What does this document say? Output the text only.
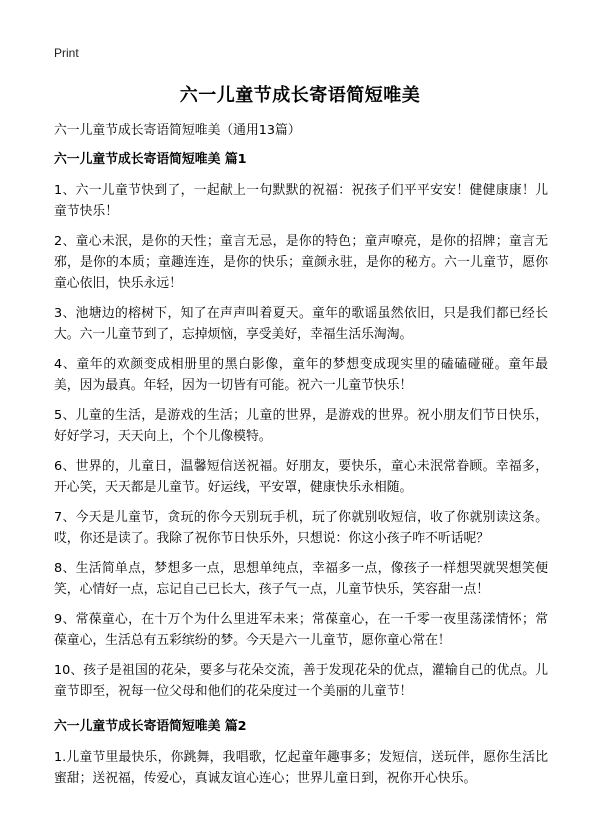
Print
六一儿童节成长寄语简短唯美

六一儿童节成长寄语简短唯美（通用13篇）

六一儿童节成长寄语简短唯美 篇1

1、六一儿童节快到了，一起献上一句默默的祝福：祝孩子们平平安安！健健康康！儿童节快乐！

2、童心未泯，是你的天性；童言无忌，是你的特色；童声嘹亮，是你的招牌；童言无邪，是你的本质；童趣连连，是你的快乐；童颜永驻，是你的秘方。六一儿童节，愿你童心依旧，快乐永远！

3、池塘边的榕树下，知了在声声叫着夏天。童年的歌谣虽然依旧，只是我们都已经长大。六一儿童节到了，忘掉烦恼，享受美好，幸福生活乐淘淘。

4、童年的欢颜变成相册里的黑白影像，童年的梦想变成现实里的磕磕碰碰。童年最美，因为最真。年轻，因为一切皆有可能。祝六一儿童节快乐！

5、儿童的生活，是游戏的生活；儿童的世界，是游戏的世界。祝小朋友们节日快乐，好好学习，天天向上，个个儿像模特。

6、世界的，儿童日，温馨短信送祝福。好朋友，要快乐，童心未泯常眷顾。幸福多，开心笑，天天都是儿童节。好运线，平安罩，健康快乐永相随。

7、今天是儿童节，贪玩的你今天别玩手机，玩了你就别收短信，收了你就别读这条。哎，你还是读了。我除了祝你节日快乐外，只想说：你这小孩子咋不听话呢？

8、生活简单点，梦想多一点，思想单纯点，幸福多一点，像孩子一样想哭就哭想笑便笑，心情好一点，忘记自己已长大，孩子气一点，儿童节快乐，笑容甜一点！

9、常葆童心，在十万个为什么里进军未来；常葆童心，在一千零一夜里荡漾情怀；常葆童心，生活总有五彩缤纷的梦。今天是六一儿童节，愿你童心常在！

10、孩子是祖国的花朵，要多与花朵交流，善于发现花朵的优点，灌输自己的优点。儿童节即至，祝每一位父母和他们的花朵度过一个美丽的儿童节！

六一儿童节成长寄语简短唯美 篇2

1.儿童节里最快乐，你跳舞，我唱歌，忆起童年趣事多；发短信，送玩伴，愿你生活比蜜甜；送祝福，传爱心，真诚友谊心连心；世界儿童日到，祝你开心快乐。
